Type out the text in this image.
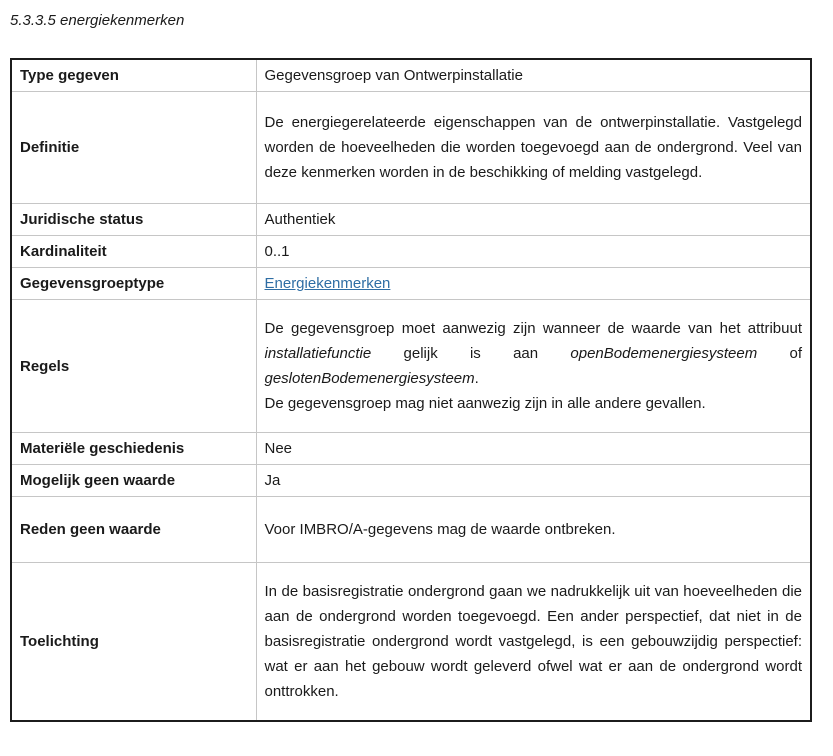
5.3.3.5 energiekenmerken
Type gegeven	Gegevensgroep van Ontwerpinstallatie
Definitie	De energiegerelateerde eigenschappen van de ontwerpinstallatie. Vastgelegd worden de hoeveelheden die worden toegevoegd aan de ondergrond. Veel van deze kenmerken worden in de beschikking of melding vastgelegd.

Juridische status	Authentiek
Kardinaliteit	0..1
Gegevensgroeptype	Energiekenmerken
Regels	De gegevensgroep moet aanwezig zijn wanneer de waarde van het attribuut installatiefunctie gelijk is aan openBodemenergiesysteem of geslotenBodemenergiesysteem.

De gegevensgroep mag niet aanwezig zijn in alle andere gevallen.

Materiële geschiedenis	Nee
Mogelijk geen waarde	Ja
Reden geen waarde	Voor IMBRO/A-gegevens mag de waarde ontbreken.
Toelichting	In de basisregistratie ondergrond gaan we nadrukkelijk uit van hoeveelheden die aan de ondergrond worden toegevoegd. Een ander perspectief, dat niet in de basisregistratie ondergrond wordt vastgelegd, is een gebouwzijdig perspectief: wat er aan het gebouw wordt geleverd ofwel wat er aan de ondergrond wordt onttrokken.
